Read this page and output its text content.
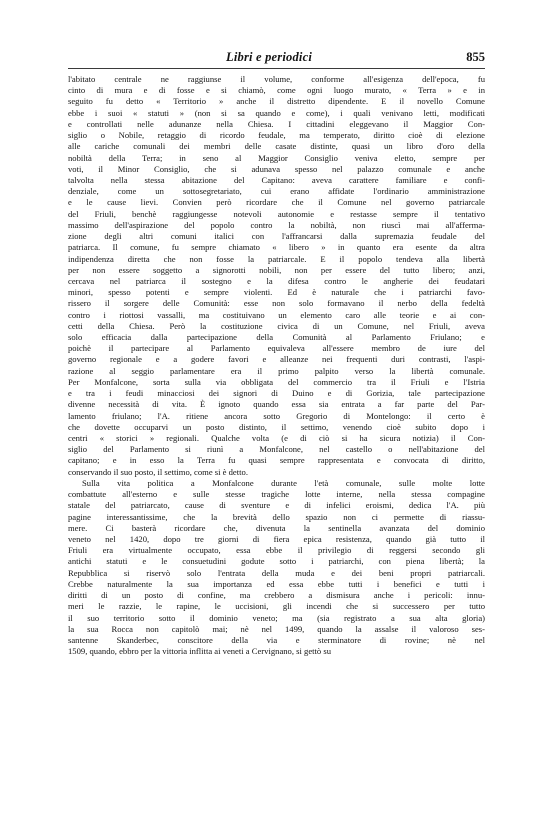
Libri e periodici	855
l'abitato centrale ne raggiunse il volume, conforme all'esigenza dell'epoca, fu
cinto di mura e di fosse e si chiamò, come ogni luogo murato, « Terra » e in
seguito fu detto « Territorio » anche il distretto dipendente. E il novello Comune
ebbe i suoi « statuti » (non si sa quando e come), i quali venivano letti, modificati
e controllati nelle adunanze nella Chiesa. I cittadini eleggevano il Maggior Con-
siglio o Nobile, retaggio di ricordo feudale, ma temperato, diritto cioè di elezione
alle cariche comunali dei membri delle casate distinte, quasi un libro d'oro della
nobiltà della Terra; in seno al Maggior Consiglio veniva eletto, sempre per
voti, il Minor Consiglio, che si adunava spesso nel palazzo comunale e anche
talvolta nella stessa abitazione del Capitano: aveva carattere familiare e confi-
denziale, come un sottosegretariato, cui erano affidate l'ordinario amministrazione
e le cause lievi. Convien però ricordare che il Comune nel governo patriarcale
del Friuli, benchè raggiungesse notevoli autonomie e restasse sempre il tentativo
massimo dell'aspirazione del popolo contro la nobiltà, non riuscì mai all'afferma-
zione degli altri comuni italici con l'affrancarsi dalla supremazia feudale del
patriarca. Il comune, fu sempre chiamato « libero » in quanto era esente da altra
indipendenza diretta che non fosse la patriarcale. E il popolo tendeva alla libertà
per non essere soggetto a signorotti nobili, non per essere del tutto libero; anzi,
cercava nel patriarca il sostegno e la difesa contro le angherie dei feudatari
minori, spesso potenti e sempre violenti. Ed è naturale che i patriarchi favo-
rissero il sorgere delle Comunità: esse non solo formavano il nerbo della fedeltà
contro i riottosi vassalli, ma costituivano un elemento caro alle teorie e ai con-
cetti della Chiesa. Però la costituzione civica di un Comune, nel Friuli, aveva
solo efficacia dalla partecipazione della Comunità al Parlamento Friulano; e
poichè il partecipare al Parlamento equivaleva all'essere membro de iure del
governo regionale e a godere favori e alleanze nei frequenti duri contrasti, l'aspi-
razione al seggio parlamentare era il primo palpito verso la libertà comunale.
Per Monfalcone, sorta sulla via obbligata del commercio tra il Friuli e l'Istria
e tra i feudi minacciosi dei signori di Duino e di Gorizia, tale partecipazione
divenne necessità di vita. È ignoto quando essa sia entrata a far parte del Par-
lamento friulano; l'A. ritiene ancora sotto Gregorio di Montelongo: il certo è
che dovette occuparvi un posto distinto, il settimo, venendo cioè subito dopo i
centri « storici » regionali. Qualche volta (e di ciò si ha sicura notizia) il Con-
siglio del Parlamento si riunì a Monfalcone, nel castello o nell'abitazione del
capitano; e in esso la Terra fu quasi sempre rappresentata e convocata di diritto,
conservando il suo posto, il settimo, come si è detto.
Sulla vita politica a Monfalcone durante l'età comunale, sulle molte lotte
combattute all'esterno e sulle stesse tragiche lotte interne, nella stessa compagine
statale del patriarcato, cause di sventure e di infelici eroismi, dedica l'A. più
pagine interessantissime, che la brevità dello spazio non ci permette di riassu-
mere. Ci basterà ricordare che, divenuta la sentinella avanzata del dominio
veneto nel 1420, dopo tre giorni di fiera epica resistenza, quando già tutto il
Friuli era virtualmente occupato, essa ebbe il privilegio di reggersi secondo gli
antichi statuti e le consuetudini godute sotto i patriarchi, con piena libertà; la
Repubblica si riservò solo l'entrata della muda e dei beni propri patriarcali.
Crebbe naturalmente la sua importanza ed essa ebbe tutti i benefici e tutti i
diritti di un posto di confine, ma crebbero a dismisura anche i pericoli: innu-
meri le razzie, le rapine, le uccisioni, gli incendi che si successero per tutto
il suo territorio sotto il dominio veneto; ma (sia registrato a sua alta gloria)
la sua Rocca non capitolò mai; nè nel 1499, quando la assalse il valoroso ses-
santenne Skanderbec, conscitore della via e sterminatore di rovine; nè nel
1509, quando, ebbro per la vittoria inflitta ai veneti a Cervignano, si gettò su
